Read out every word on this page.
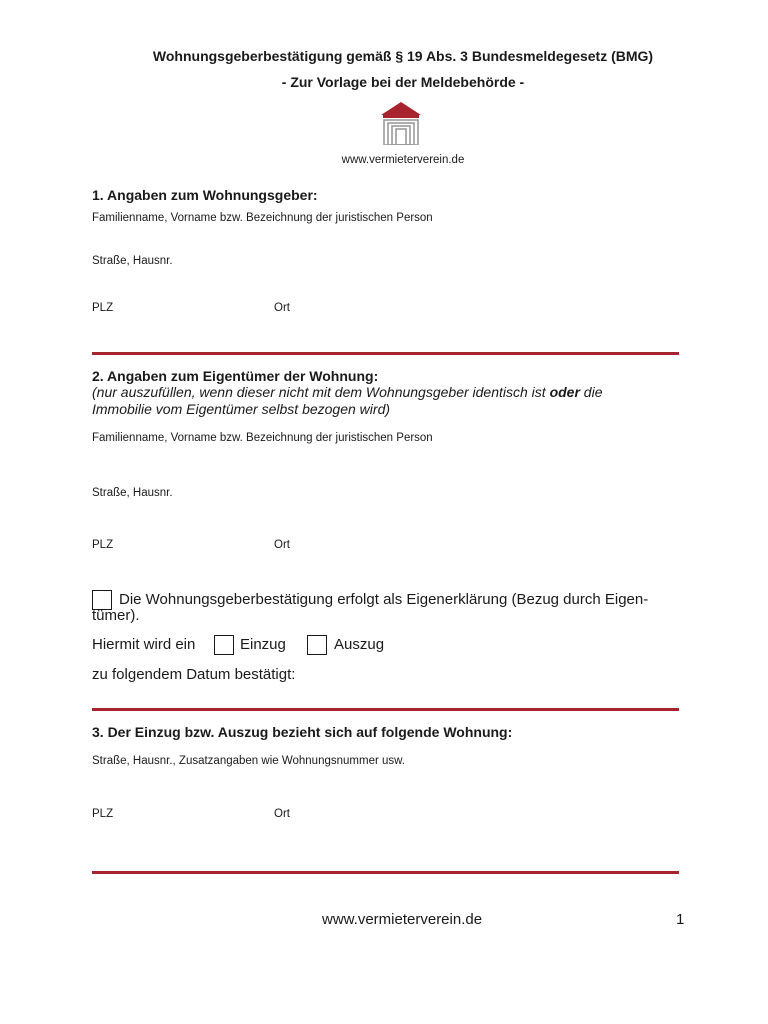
Wohnungsgeberbestätigung gemäß § 19 Abs. 3 Bundesmeldegesetz (BMG)
- Zur Vorlage bei der Meldebehörde -
www.vermieterverein.de
1. Angaben zum Wohnungsgeber:
Familienname, Vorname bzw. Bezeichnung der juristischen Person
Straße, Hausnr.
PLZ	Ort
2. Angaben zum Eigentümer der Wohnung:
(nur auszufüllen, wenn dieser nicht mit dem Wohnungsgeber identisch ist oder die
Immobilie vom Eigentümer selbst bezogen wird)
Familienname, Vorname bzw. Bezeichnung der juristischen Person
Straße, Hausnr.
PLZ	Ort
Die Wohnungsgeberbestätigung erfolgt als Eigenerklärung (Bezug durch Eigen-
tümer).
Hiermit wird ein	Einzug	Auszug
zu folgendem Datum bestätigt:
3. Der Einzug bzw. Auszug bezieht sich auf folgende Wohnung:
Straße, Hausnr., Zusatzangaben wie Wohnungsnummer usw.
PLZ	Ort
www.vermieterverein.de	1
